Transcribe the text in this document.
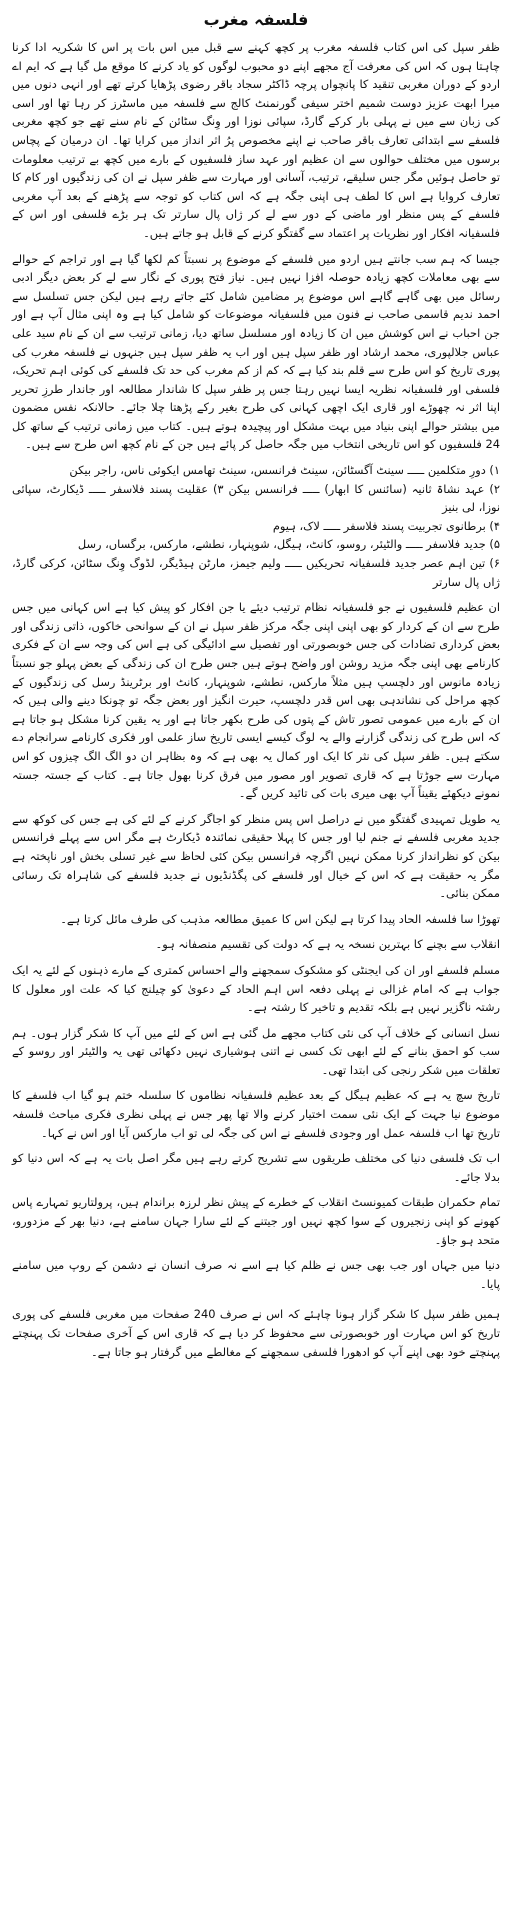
فلسفہ مغرب

ظفر سپل کی اس کتاب فلسفہ مغرب پر کچھ کہنے سے قبل میں اس بات پر اس کا شکریہ ادا کرنا چاہتا ہوں کہ اس کی معرفت آج مجھے اپنے دو محبوب لوگوں کو یاد کرنے کا موقع مل گیا ہے کہ ایم اے اردو کے دوران مغربی تنقید کا پانچواں پرچہ ڈاکٹر سجاد باقر رضوی پڑھایا کرتے تھے اور انہی دنوں میں میرا ابھت عزیز دوست شمیم اختر سیفی گورنمنٹ کالج سے فلسفہ میں ماسٹرز کر رہا تھا اور اسی کی زبان سے میں نے پہلی بار کرکے گارڈ، سپائی نوزا اور وِنگ سٹائن کے نام سنے تھے جو کچھ مغربی فلسفے سے ابتدائی تعارف باقر صاحب نے اپنے مخصوص پرُ اثر انداز میں کرایا تھا۔ ان درمیان کے پچاس برسوں میں مختلف حوالوں سے ان عظیم اور عہد ساز فلسفیوں کے بارے میں کچھ بے ترتیب معلومات تو حاصل ہوئیں مگر جس سلیقے، ترتیب، آسانی اور مہارت سے ظفر سپل نے ان کی زندگیوں اور کام کا تعارف کروایا ہے اس کا لطف ہی اپنی جگہ ہے کہ اس کتاب کو توجہ سے پڑھنے کے بعد آپ مغربی فلسفے کے پس منظر اور ماضی کے دور سے لے کر ژاں پال سارتر تک ہر بڑے فلسفی اور اس کے فلسفیانہ افکار اور نظریات پر اعتماد سے گفتگو کرنے کے قابل ہو جاتے ہیں۔

جیسا کہ ہم سب جانتے ہیں اردو میں فلسفے کے موضوع پر نسبتاً کم لکھا گیا ہے اور تراجم کے حوالے سے بھی معاملات کچھ زیادہ حوصلہ افزا نہیں ہیں۔ نیاز فتح پوری کے نگار سے لے کر بعض دیگر ادبی رسائل میں بھی گاہے گاہے اس موضوع پر مضامین شامل کئے جاتے رہے ہیں لیکن جس تسلسل سے احمد ندیم قاسمی صاحب نے فنون میں فلسفیانہ موضوعات کو شامل کیا ہے وہ اپنی مثال آپ ہے اور جن احباب نے اس کوشش میں ان کا زیادہ اور مسلسل ساتھ دیا، زمانی ترتیب سے ان کے نام سید علی عباس جلالپوری، محمد ارشاد اور ظفر سپل ہیں اور اب یہ ظفر سپل ہیں جنہوں نے فلسفہ مغرب کی پوری تاریخ کو اس طرح سے قلم بند کیا ہے کہ کم از کم مغرب کی حد تک فلسفے کی کوئی اہم تحریک، فلسفی اور فلسفیانہ نظریہ ایسا نہیں رہتا جس پر ظفر سپل کا شاندار مطالعہ اور جاندار طرزِ تحریر اپنا اثر نہ چھوڑے اور قاری ایک اچھی کہانی کی طرح بغیر رکے پڑھتا چلا جائے۔ حالانکہ نفس مضمون میں بیشتر حوالے اپنی بنیاد میں بہت مشکل اور پیچیدہ ہوتے ہیں۔ کتاب میں زمانی ترتیب کے ساتھ کل 24 فلسفیوں کو اس تاریخی انتخاب میں جگہ حاصل کر پائے ہیں جن کے نام کچھ اس طرح سے ہیں۔

۱) دورِ متکلمین ـــــ سینٹ آگسٹائن، سینٹ فرانسس، سینٹ تھامس ایکوئی ناس، راجر بیکن

۲) عہد نشاۃ ثانیہ (سائنس کا ابھار) ـــــ فرانسس بیکن ۳) عقلیت پسند فلاسفر ـــــ ڈیکارٹ، سپائی نوزا، لی بنیز

۴) برطانوی تجربیت پسند فلاسفر ـــــ لاک، ہیوم

۵) جدید فلاسفر ـــــ والٹیئر، روسو، کانٹ، ہیگل، شوپنہار، نطشے، مارکس، برگساں، رسل

۶) تین اہم عصر جدید فلسفیانہ تحریکیں ـــــ ولیم جیمز، مارٹن ہیڈیگر، لڈوگ وِنگ سٹائن، کرکی گارڈ، ژاں پال سارتر

ان عظیم فلسفیوں نے جو فلسفیانہ نظام ترتیب دیئے یا جن افکار کو پیش کیا ہے اس کہانی میں جس طرح سے ان کے کردار کو بھی اپنی اپنی جگہ مرکز ظفر سپل نے ان کے سوانحی خاکوں، ذاتی زندگی اور بعض کرداری تضادات کی جس خوبصورتی اور تفصیل سے ادائیگی کی ہے اس کی وجہ سے ان کے فکری کارنامے بھی اپنی جگہ مزید روشن اور واضح ہوتے ہیں جس طرح ان کی زندگی کے بعض پہلو جو نسبتاً زیادہ مانوس اور دلچسپ ہیں مثلاً مارکس، نطشے، شوپنہار، کانٹ اور برٹرینڈ رسل کی زندگیوں کے کچھ مراحل کی نشاندہی بھی اس قدر دلچسپ، حیرت انگیز اور بعض جگہ تو چونکا دینے والی ہیں کہ ان کے بارے میں عمومی تصور تاش کے پتوں کی طرح بکھر جاتا ہے اور یہ یقین کرنا مشکل ہو جاتا ہے کہ اس طرح کی زندگی گزارنے والے یہ لوگ کیسے ایسی تاریخ ساز علمی اور فکری کارنامے سرانجام دے سکتے ہیں۔ ظفر سپل کی نثر کا ایک اور کمال یہ بھی ہے کہ وہ بظاہر ان دو الگ الگ چیزوں کو اس مہارت سے جوڑتا ہے کہ قاری تصویر اور مصور میں فرق کرنا بھول جاتا ہے۔ کتاب کے جستہ جستہ نمونے دیکھئے یقیناً آپ بھی میری بات کی تائید کریں گے۔

یہ طویل تمہیدی گفتگو میں نے دراصل اس پس منظر کو اجاگر کرنے کے لئے کی ہے جس کی کوکھ سے جدید مغربی فلسفے نے جنم لیا اور جس کا پہلا حقیقی نمائندہ ڈیکارٹ ہے مگر اس سے پہلے فرانسس بیکن کو نظرانداز کرنا ممکن نہیں اگرچہ فرانسس بیکن کئی لحاظ سے غیر تسلی بخش اور ناپختہ ہے مگر یہ حقیقت ہے کہ اس کے خیال اور فلسفے کی پگڈنڈیوں نے جدید فلسفے کی شاہراہ تک رسائی ممکن بنائی۔

تھوڑا سا فلسفہ الحاد پیدا کرتا ہے لیکن اس کا عمیق مطالعہ مذہب کی طرف مائل کرتا ہے۔

انقلاب سے بچنے کا بہترین نسخہ یہ ہے کہ دولت کی تقسیم منصفانہ ہو۔

مسلم فلسفے اور ان کی ایجنٹی کو مشکوک سمجھنے والے احساس کمتری کے مارے ذہنوں کے لئے یہ ایک جواب ہے کہ امام غزالی نے پہلی دفعہ اس اہم الحاد کے دعویٰ کو چیلنج کیا کہ علت اور معلول کا رشتہ ناگزیر نہیں ہے بلکہ تقدیم و تاخیر کا رشتہ ہے۔

نسل انسانی کے خلاف آپ کی نئی کتاب مجھے مل گئی ہے اس کے لئے میں آپ کا شکر گزار ہوں۔ ہم سب کو احمق بنانے کے لئے ابھی تک کسی نے اتنی ہوشیاری نہیں دکھائی تھی یہ والٹیئر اور روسو کے تعلقات میں شکر رنجی کی ابتدا تھی۔

تاریخ سچ یہ ہے کہ عظیم ہیگل کے بعد عظیم فلسفیانہ نظاموں کا سلسلہ ختم ہو گیا اب فلسفے کا موضوع نیا جہت کے ایک نئی سمت اختیار کرنے والا تھا پھر جس نے پہلی نظری فکری مباحث فلسفہ تاریخ تھا اب فلسفہ عمل اور وجودی فلسفے نے اس کی جگہ لی تو اب مارکس آیا اور اس نے کہا۔

اب تک فلسفی دنیا کی مختلف طریقوں سے تشریح کرتے رہے ہیں مگر اصل بات یہ ہے کہ اس دنیا کو بدلا جائے۔

تمام حکمران طبقات کمیونسٹ انقلاب کے خطرے کے پیش نظر لرزہ براندام ہیں، پرولتاریو تمہارے پاس کھونے کو اپنی زنجیروں کے سوا کچھ نہیں اور جیتنے کے لئے سارا جہان سامنے ہے، دنیا بھر کے مزدورو، متحد ہو جاؤ۔

دنیا میں جہاں اور جب بھی جس نے ظلم کیا ہے اسے نہ صرف انسان نے دشمن کے روپ میں سامنے پایا۔

ہمیں ظفر سپل کا شکر گزار ہونا چاہئے کہ اس نے صرف 240 صفحات میں مغربی فلسفے کی پوری تاریخ کو اس مہارت اور خوبصورتی سے محفوظ کر دیا ہے کہ قاری اس کے آخری صفحات تک پہنچتے پہنچتے خود بھی اپنے آپ کو ادھورا فلسفی سمجھنے کے مغالطے میں گرفتار ہو جاتا ہے۔
